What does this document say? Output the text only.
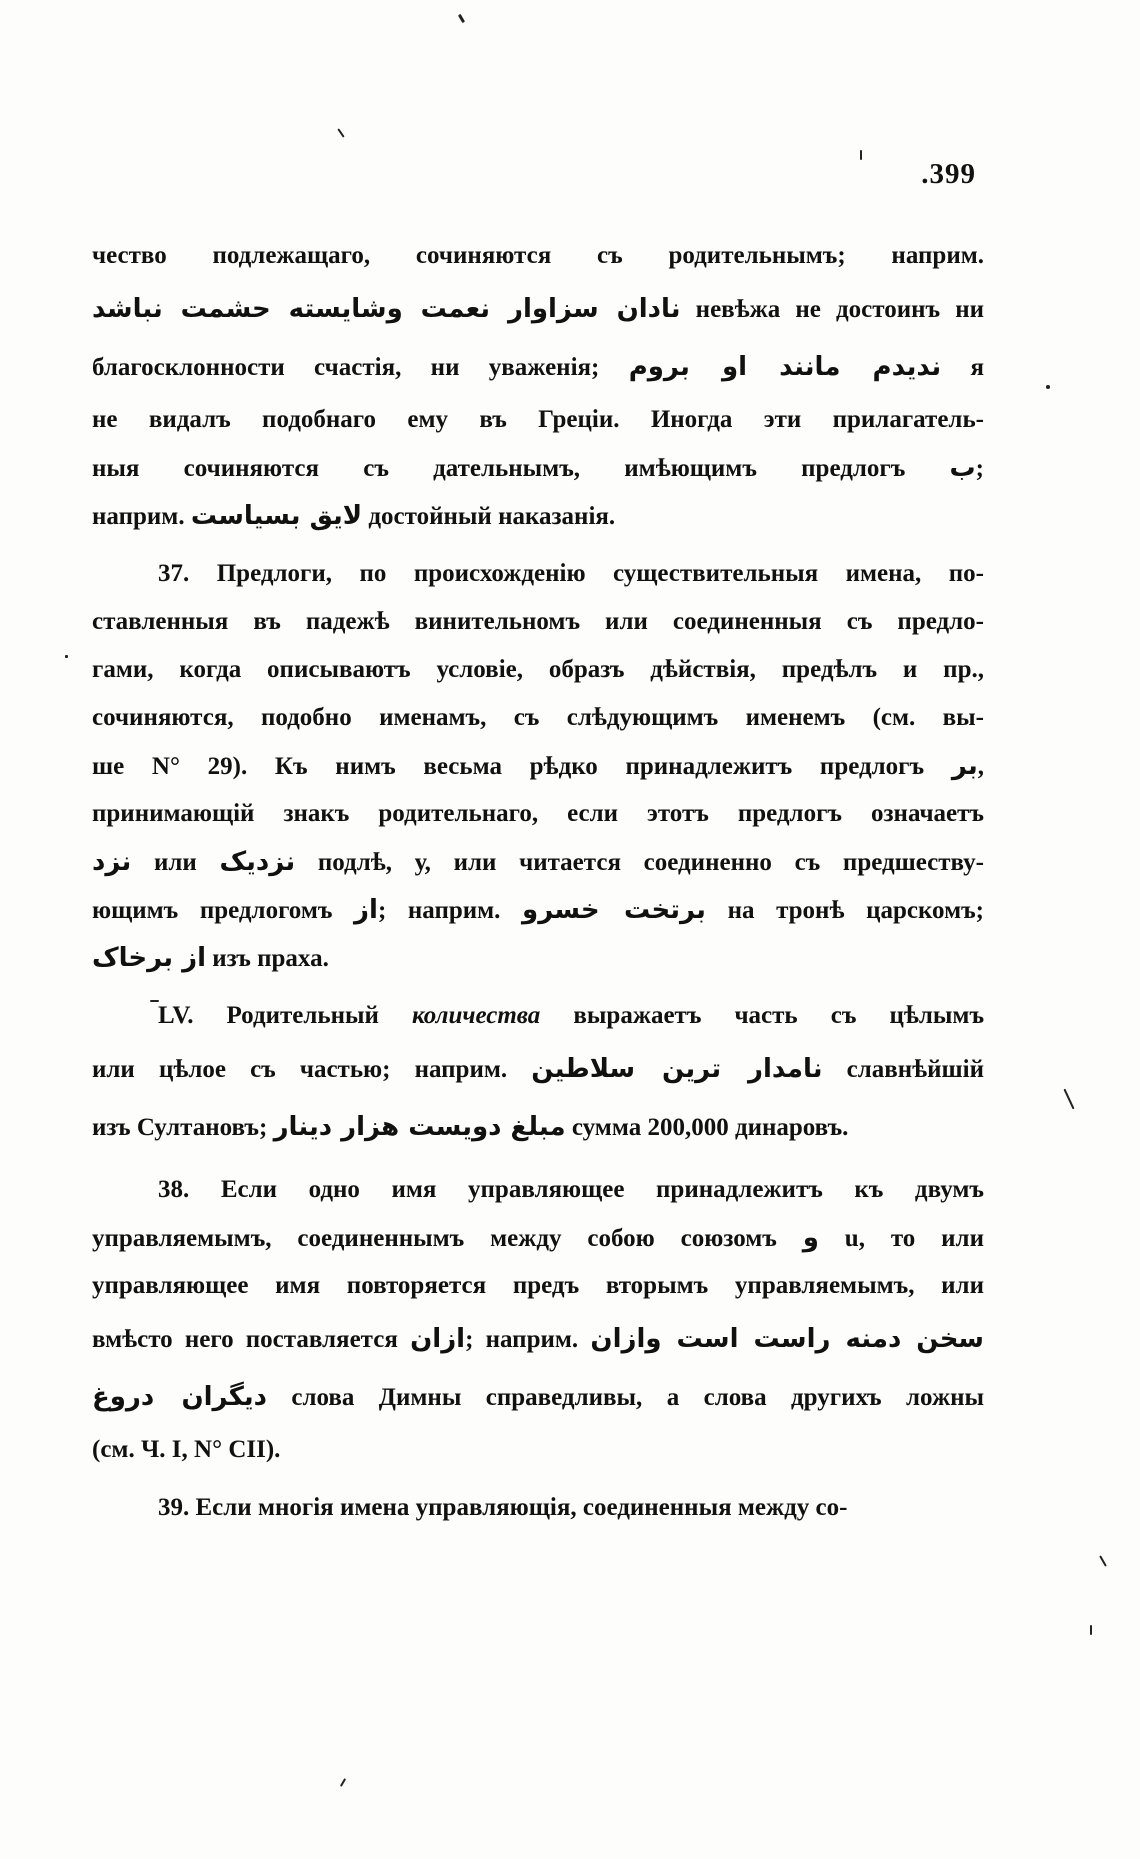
.399
чество подлежащаго, сочиняются съ родительнымъ; наприм.
نادان سزاوار نعمت وشایسته حشمت نباشد невѣжа не достоинъ ни
благосклонности счастія, ни уваженія; ندیدم مانند او بروم я
не видалъ подобнаго ему въ Греціи. Иногда эти прилагатель-
ныя сочиняются съ дательнымъ, имѣющимъ предлогъ ب;
наприм. لایق بسیاست достойный наказанія.
37. Предлоги, по происхожденію существительныя имена, по-
ставленныя въ падежѣ винительномъ или соединенныя съ предло-
гами, когда описываютъ условіе, образъ дѣйствія, предѣлъ и пр.,
сочиняются, подобно именамъ, съ слѣдующимъ именемъ (см. вы-
ше N° 29). Къ нимъ весьма рѣдко принадлежитъ предлогъ بر,
принимающій знакъ родительнаго, если этотъ предлогъ означаетъ
نزد или نزدیک подлѣ, у, или читается соединенно съ предшеству-
ющимъ предлогомъ از; наприм. برتخت خسرو на тронѣ царскомъ;
از برخاک изъ праха.
LV. Родительный количества выражаетъ часть съ цѣлымъ
или цѣлое съ частью; наприм. نامدار ترین سلاطین славнѣйшій
изъ Султановъ; مبلغ دویست هزار دینار сумма 200,000 динаровъ.
38. Если одно имя управляющее принадлежитъ къ двумъ
управляемымъ, соединеннымъ между собою союзомъ و u, то или
управляющее имя повторяется предъ вторымъ управляемымъ, или
вмѣсто него поставляется ازان; наприм. سخن دمنه راست است وازان
دیگران دروغ слова Димны справедливы, а слова другихъ ложны
(см. Ч. I, N° CII).
39. Если многія имена управляющія, соединенныя между со-
